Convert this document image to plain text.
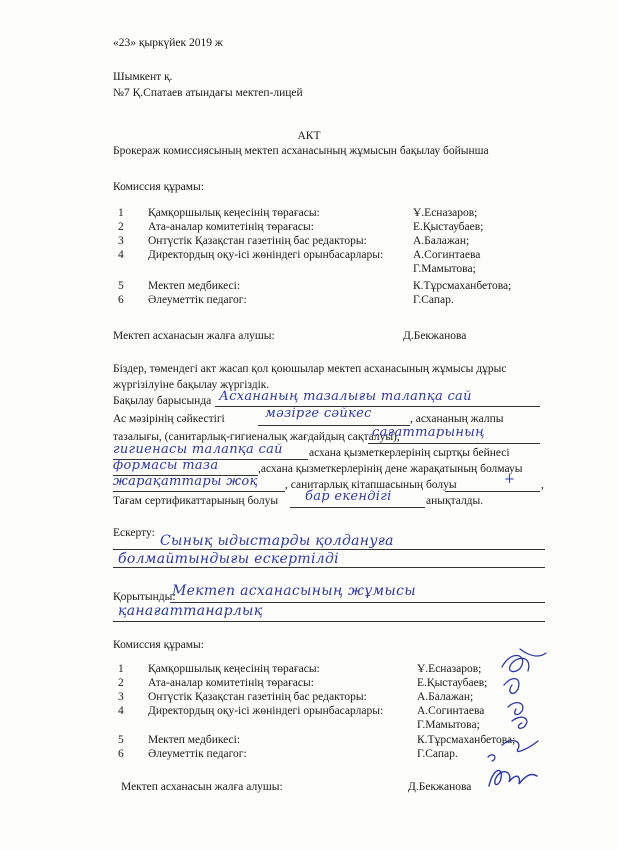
«23» қыркүйек 2019 ж
Шымкент қ.
№7 Қ.Спатаев атындағы мектеп-лицей
АКТ
Брокераж комиссиясының мектеп асханасының жұмысын бақылау бойынша
Комиссия құрамы:
1	Қамқоршылық кеңесінің төрағасы:	Ұ.Есназаров;
2	Ата-аналар комитетінің төрағасы:	Е.Қыстаубаев;
3	Онтүстік Қазақстан газетінің бас редакторы:	А.Балажан;
4	Директордың оқу-ісі жөніндегі орынбасарлары:	А.Согинтаева
Г.Мамытова;
5	Мектеп медбикесі:	К.Тұрсмаханбетова;
6	Әлеуметтік педагог:	Г.Сапар.
Мектеп асханасын жалға алушы:	Д.Бекжанова
Біздер, төмендегі акт жасап қол қоюшылар мектеп асханасының жұмысы дұрыс
жүргізілуіне бақылау жүргіздік.
Бақылау барысында Асхананың тазалығы талапқа сай
Ас мәзірінің сәйкестігі	мәзірге сәйкес	, асхананың жалпы
тазалығы, (санитарлық-гигиеналық жағдайдың сақталуы),
сағаттарының
гигиенасы талапқа сай асхана қызметкерлерінің сыртқы бейнесі
формасы таза	,асхана қызметкерлерінің дене жарақатының болмауы
жарақаттары жоқ , санитарлық кітапшасының болуы	+ ,
Тағам сертификаттарының болуы бар екендігі	анықталды.
Ескерту: Сынық ыдыстарды қолдануға
болмайтындығы ескертілді
Қорытынды:
Мектеп асханасының жұмысы
қанағаттанарлық
Комиссия құрамы:
1	Қамқоршылық кеңесінің төрағасы:	Ұ.Есназаров;
2	Ата-аналар комитетінің төрағасы:	Е.Қыстаубаев;
3	Онтүстік Қазақстан газетінің бас редакторы:	А.Балажан;
4	Директордың оқу-ісі жөніндегі орынбасарлары:	А.Согинтаева
Г.Мамытова;
5	Мектеп медбикесі:	К.Тұрсмаханбетова;
6	Әлеуметтік педагог:	Г.Сапар.
Мектеп асханасын жалға алушы:	Д.Бекжанова
